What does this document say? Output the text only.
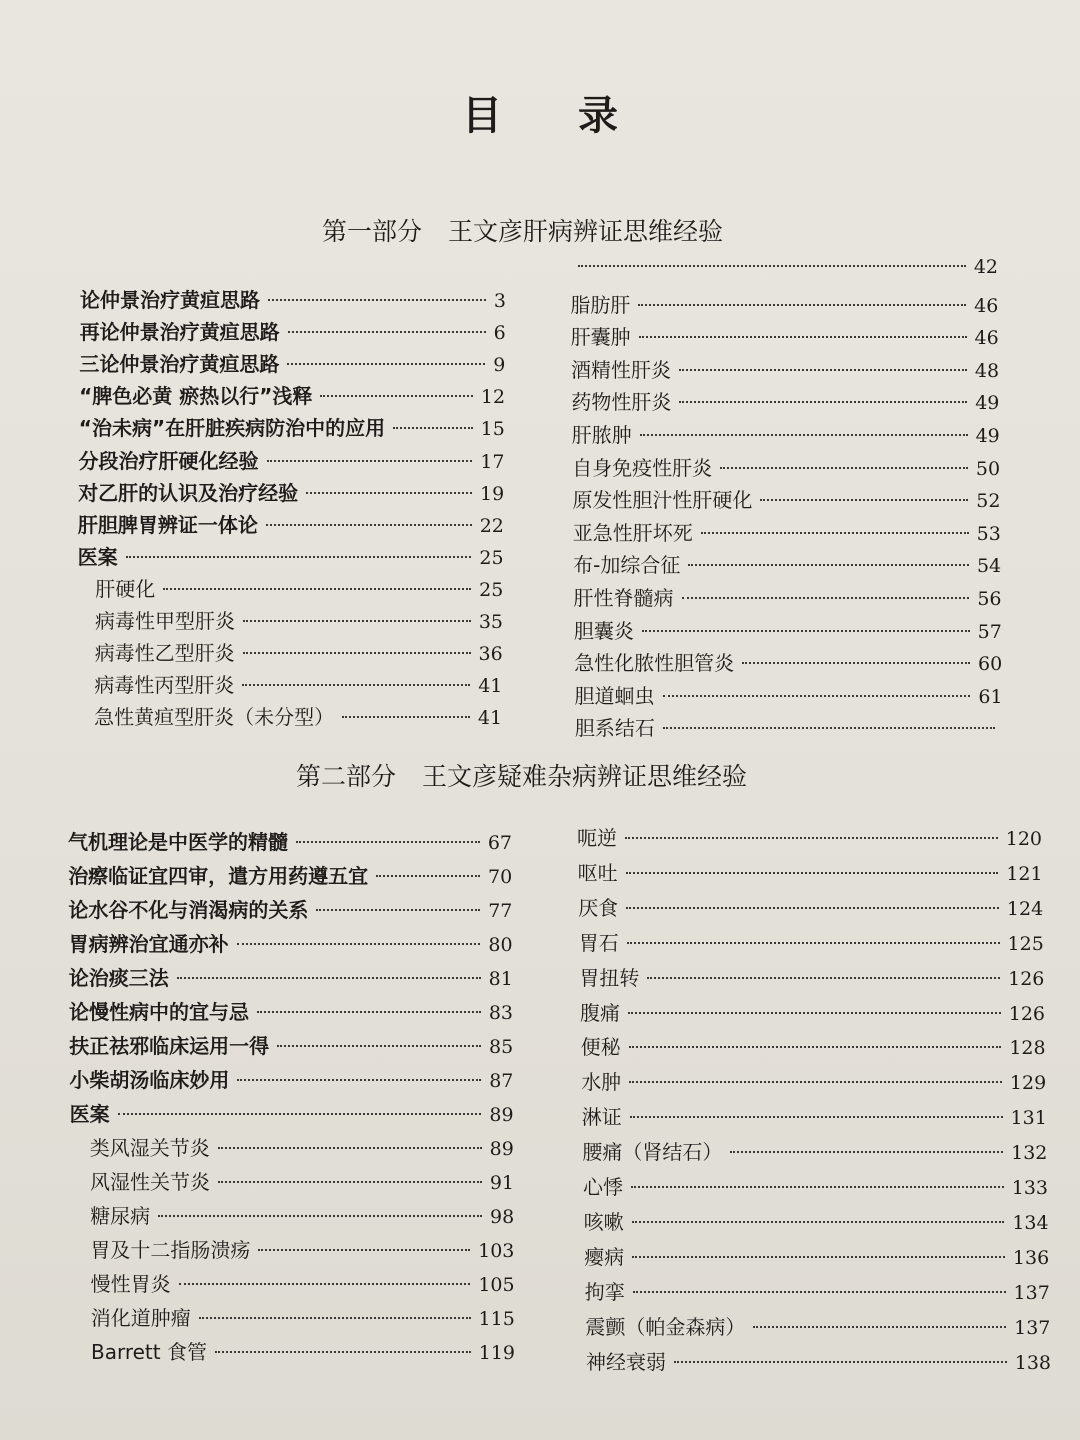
目 录
第一部分 王文彦肝病辨证思维经验
论仲景治疗黄疸思路	3
再论仲景治疗黄疸思路	6
三论仲景治疗黄疸思路	9
“脾色必黄 瘀热以行”浅释	12
“治未病”在肝脏疾病防治中的应用	15
分段治疗肝硬化经验	17
对乙肝的认识及治疗经验	19
肝胆脾胃辨证一体论	22
医案	25
肝硬化	25
病毒性甲型肝炎	35
病毒性乙型肝炎	36
病毒性丙型肝炎	41
急性黄疸型肝炎（未分型）	41
42
脂肪肝	46
肝囊肿	46
酒精性肝炎	48
药物性肝炎	49
肝脓肿	49
自身免疫性肝炎	50
原发性胆汁性肝硬化	52
亚急性肝坏死	53
布-加综合征	54
肝性脊髓病	56
胆囊炎	57
急性化脓性胆管炎	60
胆道蛔虫	61
胆系结石
第二部分 王文彦疑难杂病辨证思维经验
气机理论是中医学的精髓	67
治瘵临证宜四审，遣方用药遵五宜	70
论水谷不化与消渴病的关系	77
胃病辨治宜通亦补	80
论治痰三法	81
论慢性病中的宜与忌	83
扶正祛邪临床运用一得	85
小柴胡汤临床妙用	87
医案	89
类风湿关节炎	89
风湿性关节炎	91
糖尿病	98
胃及十二指肠溃疡	103
慢性胃炎	105
消化道肿瘤	115
Barrett 食管	119
呃逆	120
呕吐	121
厌食	124
胃石	125
胃扭转	126
腹痛	126
便秘	128
水肿	129
淋证	131
腰痛（肾结石）	132
心悸	133
咳嗽	134
瘿病	136
拘挛	137
震颤（帕金森病）	137
神经衰弱	138
